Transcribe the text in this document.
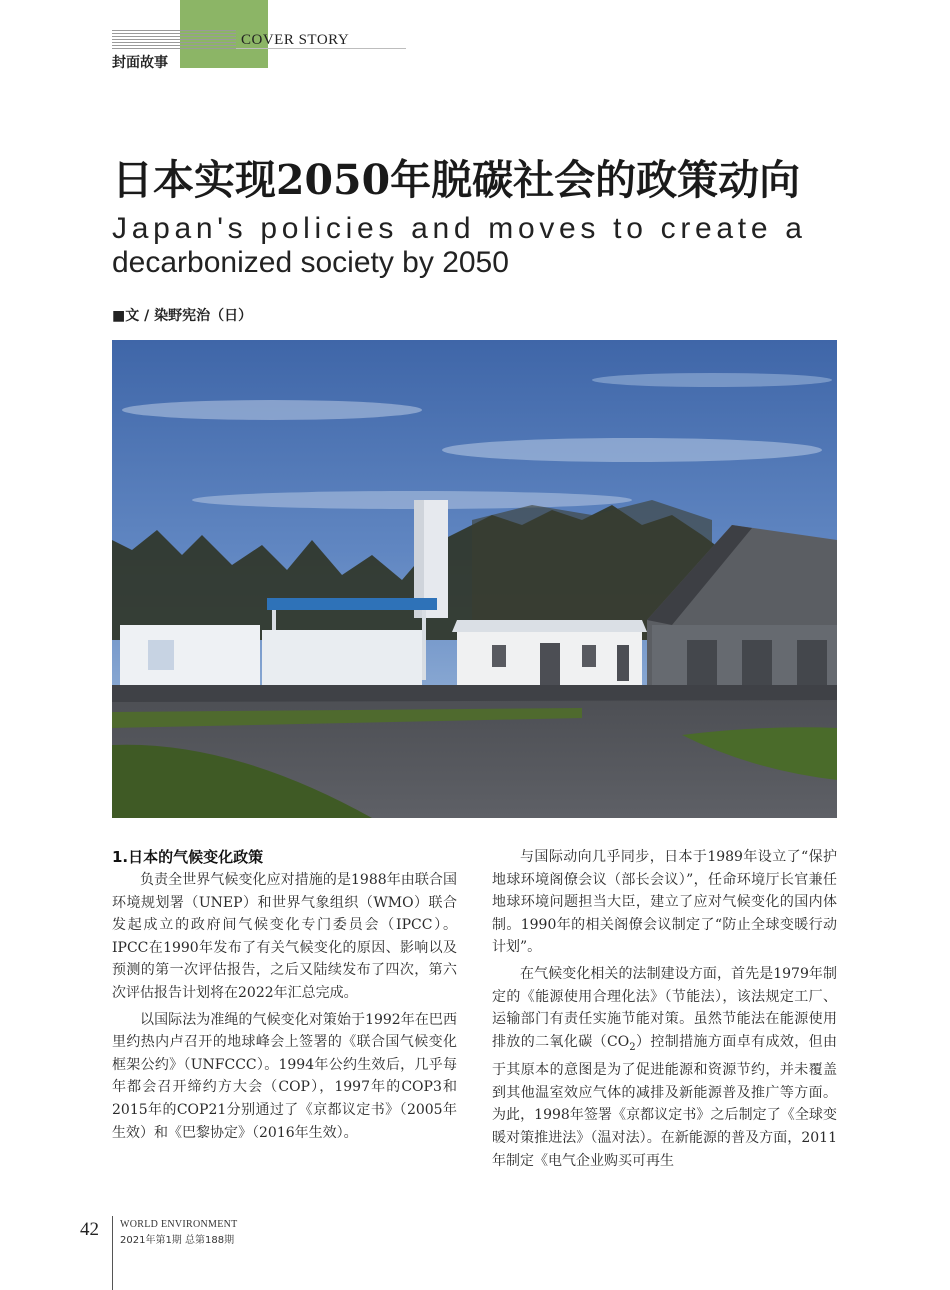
COVER STORY
封面故事
日本实现2050年脱碳社会的政策动向
Japan's policies and moves to create a
decarbonized society by 2050
■文 / 染野宪治（日）
1.日本的气候变化政策

负责全世界气候变化应对措施的是1988年由联合国环境规划署（UNEP）和世界气象组织（WMO）联合发起成立的政府间气候变化专门委员会（IPCC）。IPCC在1990年发布了有关气候变化的原因、影响以及预测的第一次评估报告，之后又陆续发布了四次，第六次评估报告计划将在2022年汇总完成。

以国际法为准绳的气候变化对策始于1992年在巴西里约热内卢召开的地球峰会上签署的《联合国气候变化框架公约》（UNFCCC）。1994年公约生效后，几乎每年都会召开缔约方大会（COP），1997年的COP3和2015年的COP21分别通过了《京都议定书》（2005年生效）和《巴黎协定》（2016年生效）。

与国际动向几乎同步，日本于1989年设立了“保护地球环境阁僚会议（部长会议）”，任命环境厅长官兼任地球环境问题担当大臣，建立了应对气候变化的国内体制。1990年的相关阁僚会议制定了“防止全球变暖行动计划”。

在气候变化相关的法制建设方面，首先是1979年制定的《能源使用合理化法》（节能法），该法规定工厂、运输部门有责任实施节能对策。虽然节能法在能源使用排放的二氧化碳$(CO_2)$控制措施方面卓有成效，但由于其原本的意图是为了促进能源和资源节约，并未覆盖到其他温室效应气体的减排及新能源普及推广等方面。为此，1998年签署《京都议定书》之后制定了《全球变暖对策推进法》（温对法）。在新能源的普及方面，2011年制定《电气企业购买可再生

42 WORLD ENVIRONMENT
2021年第1期 总第188期
